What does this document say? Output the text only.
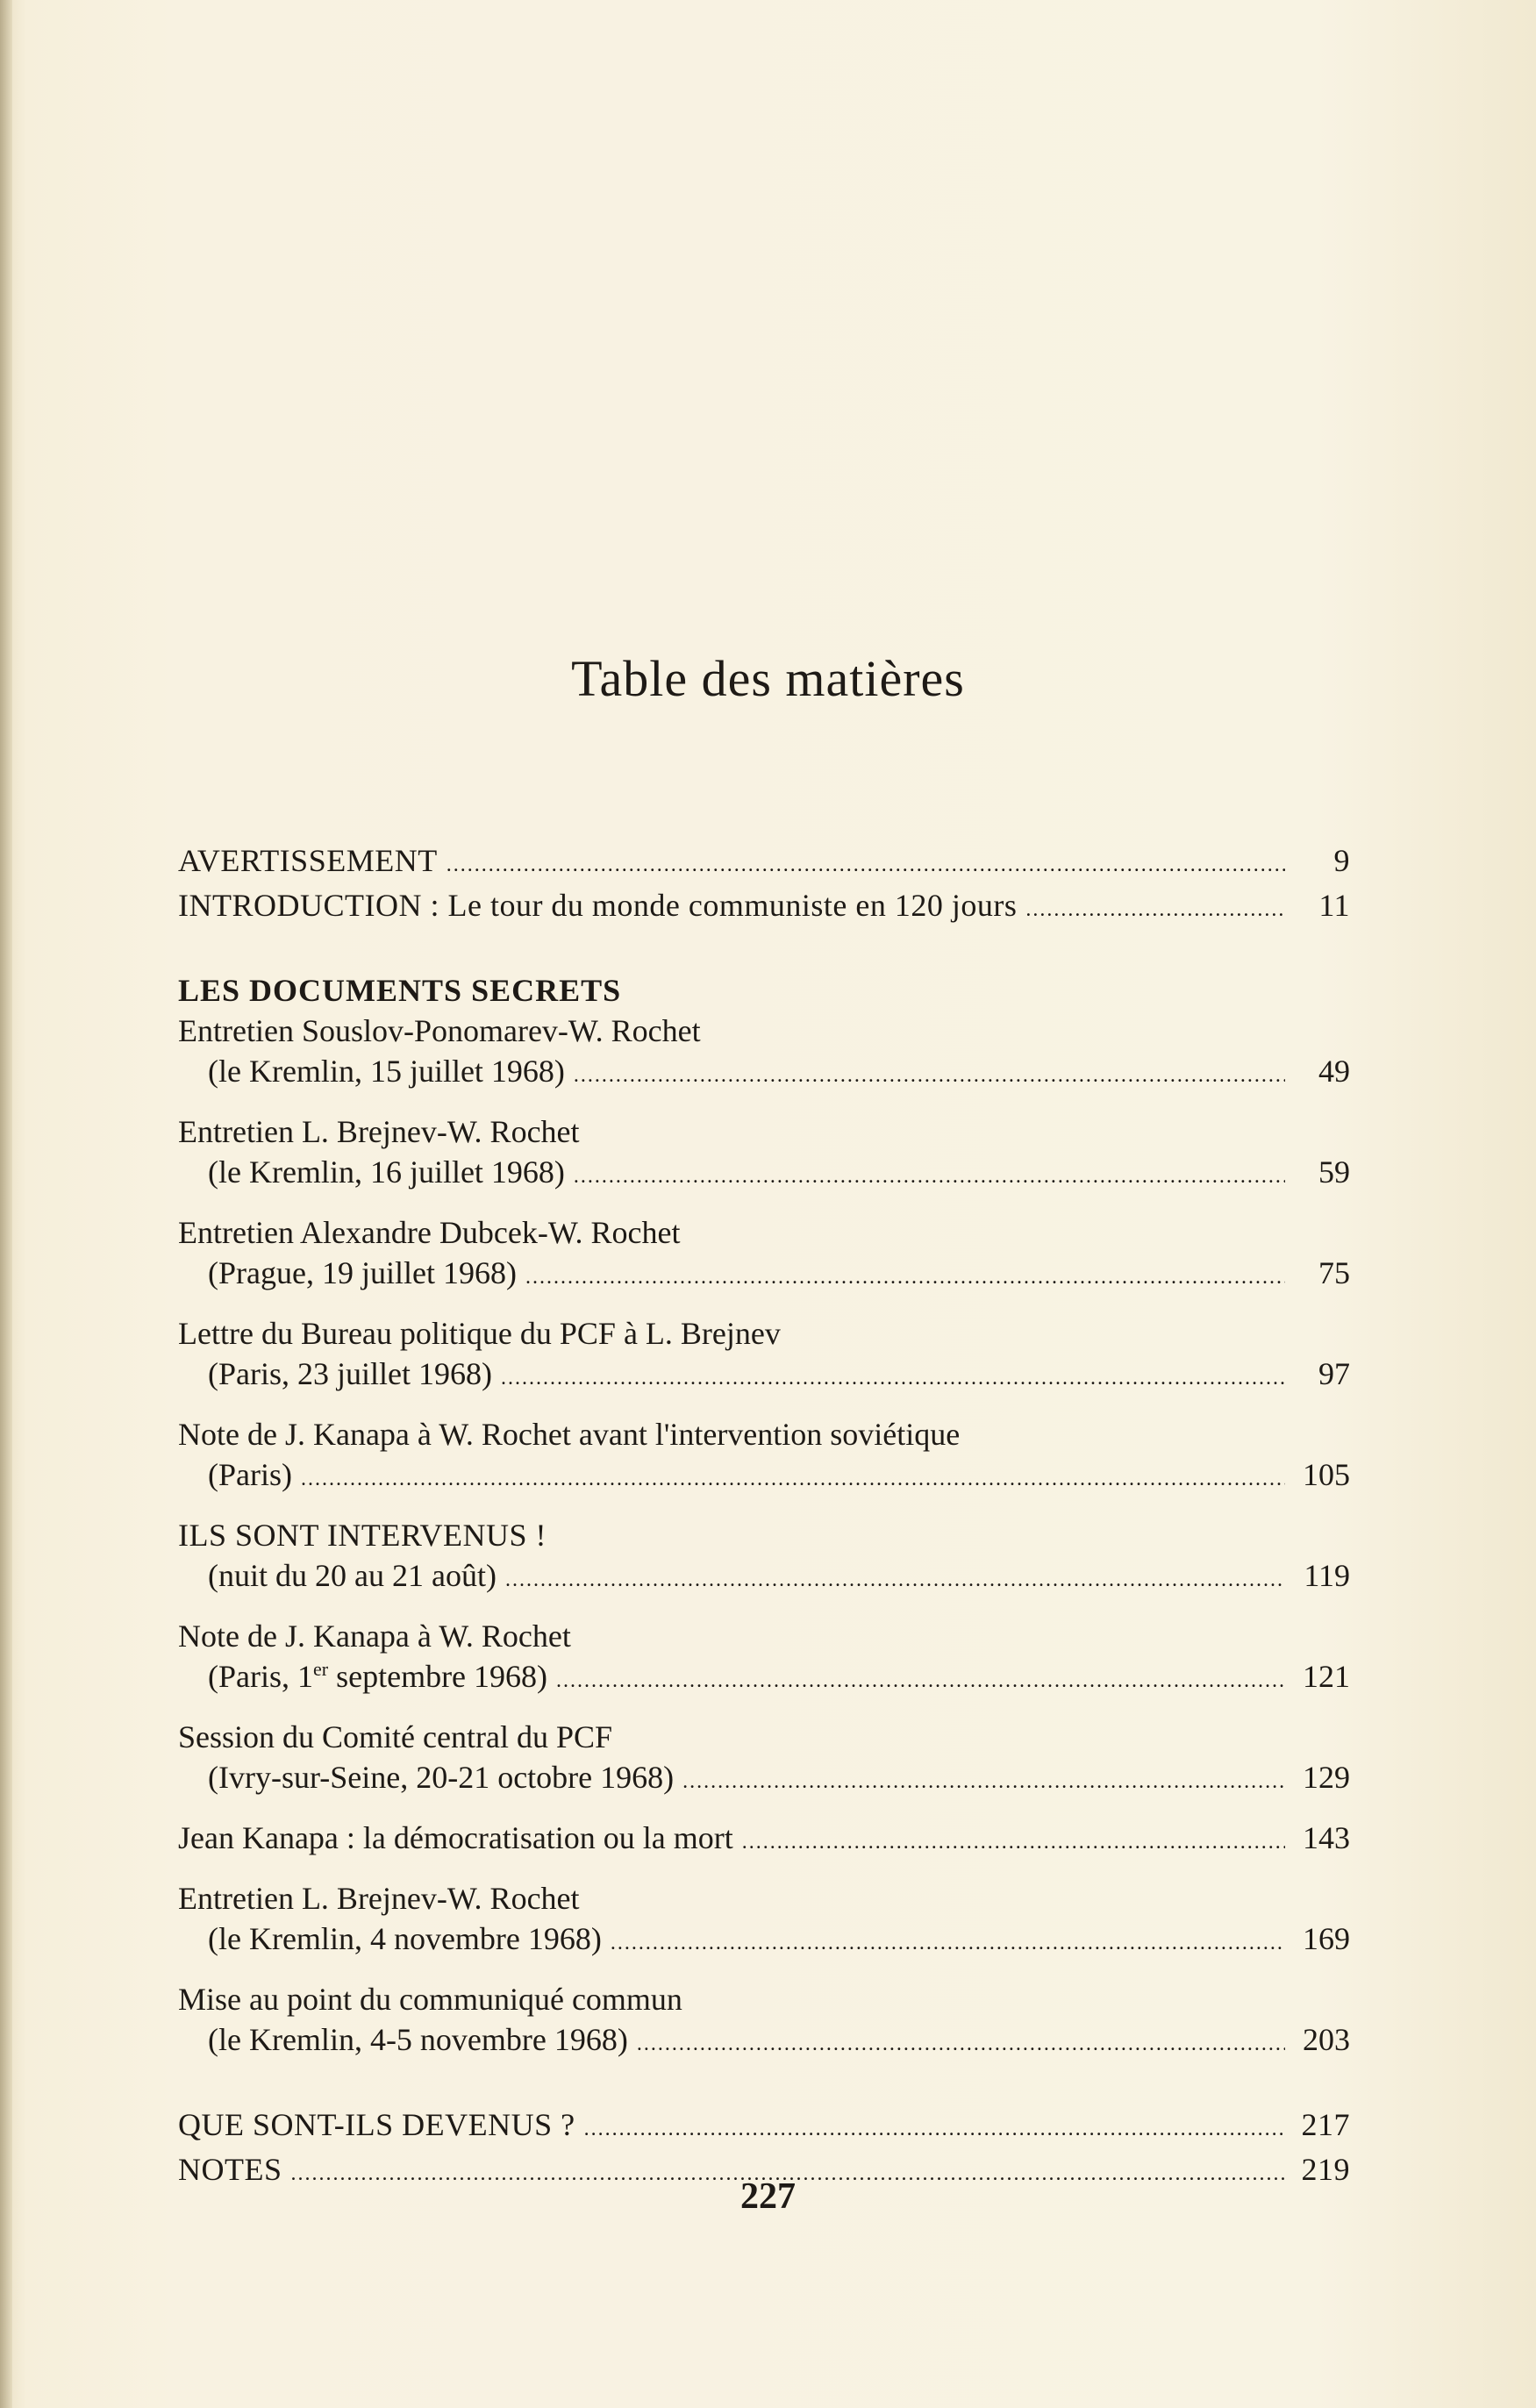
Table des matières
AVERTISSEMENT .....	9
INTRODUCTION : Le tour du monde communiste en 120 jours .....	11
LES DOCUMENTS SECRETS
Entretien Souslov-Ponomarev-W. Rochet
(le Kremlin, 15 juillet 1968) .....	49
Entretien L. Brejnev-W. Rochet
(le Kremlin, 16 juillet 1968) .....	59
Entretien Alexandre Dubcek-W. Rochet
(Prague, 19 juillet 1968) .....	75
Lettre du Bureau politique du PCF à L. Brejnev
(Paris, 23 juillet 1968) .....	97
Note de J. Kanapa à W. Rochet avant l'intervention soviétique
(Paris) .....	105
ILS SONT INTERVENUS !
(nuit du 20 au 21 août) .....	119
Note de J. Kanapa à W. Rochet
(Paris, 1er septembre 1968) .....	121
Session du Comité central du PCF
(Ivry-sur-Seine, 20-21 octobre 1968) .....	129
Jean Kanapa : la démocratisation ou la mort .....	143
Entretien L. Brejnev-W. Rochet
(le Kremlin, 4 novembre 1968) .....	169
Mise au point du communiqué commun
(le Kremlin, 4-5 novembre 1968) .....	203
QUE SONT-ILS DEVENUS ? .....	217
NOTES .....	219
227
